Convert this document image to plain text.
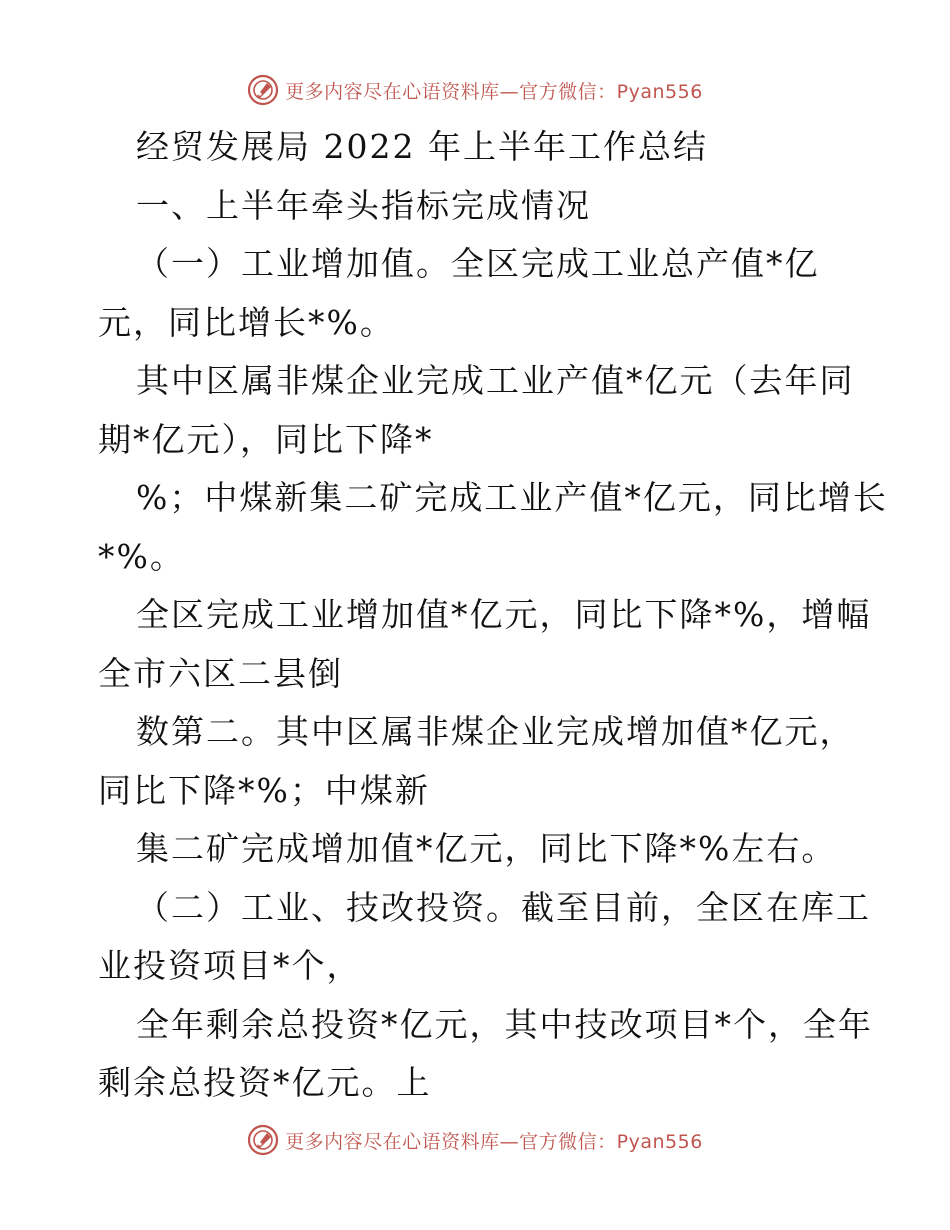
更多内容尽在心语资料库—官方微信：Pyan556
经贸发展局 2022 年上半年工作总结
一、上半年牵头指标完成情况
（一）工业增加值。全区完成工业总产值*亿
元，同比增长*%。
其中区属非煤企业完成工业产值*亿元（去年同
期*亿元），同比下降*
%；中煤新集二矿完成工业产值*亿元，同比增长
*%。
全区完成工业增加值*亿元，同比下降*%，增幅
全市六区二县倒
数第二。其中区属非煤企业完成增加值*亿元，
同比下降*%；中煤新
集二矿完成增加值*亿元，同比下降*%左右。
（二）工业、技改投资。截至目前，全区在库工
业投资项目*个，
全年剩余总投资*亿元，其中技改项目*个，全年
剩余总投资*亿元。上
更多内容尽在心语资料库—官方微信：Pyan556
